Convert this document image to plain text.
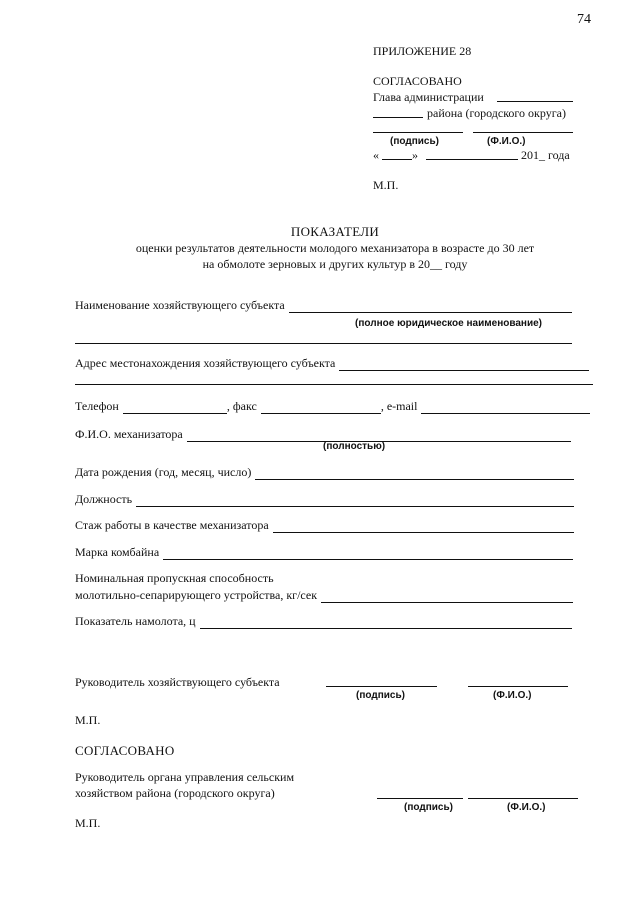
74
ПРИЛОЖЕНИЕ 28
СОГЛАСОВАНО
Глава администрации
района (городского округа)
(подпись)	(Ф.И.О.)
«	»	201_ года
М.П.
ПОКАЗАТЕЛИ
оценки результатов деятельности молодого механизатора в возрасте до 30 лет
на обмолоте зерновых и других культур в 20__ году
Наименование хозяйствующего субъекта
(полное юридическое наименование)
Адрес местонахождения хозяйствующего субъекта
Телефон	, факс	, e-mail
Ф.И.О. механизатора
(полностью)
Дата рождения (год, месяц, число)
Должность
Стаж работы в качестве механизатора
Марка комбайна
Номинальная пропускная способность
молотильно-сепарирующего устройства, кг/сек
Показатель намолота, ц
Руководитель хозяйствующего субъекта
(подпись)	(Ф.И.О.)
М.П.
СОГЛАСОВАНО
Руководитель органа управления сельским
хозяйством района (городского округа)
(подпись)	(Ф.И.О.)
М.П.
